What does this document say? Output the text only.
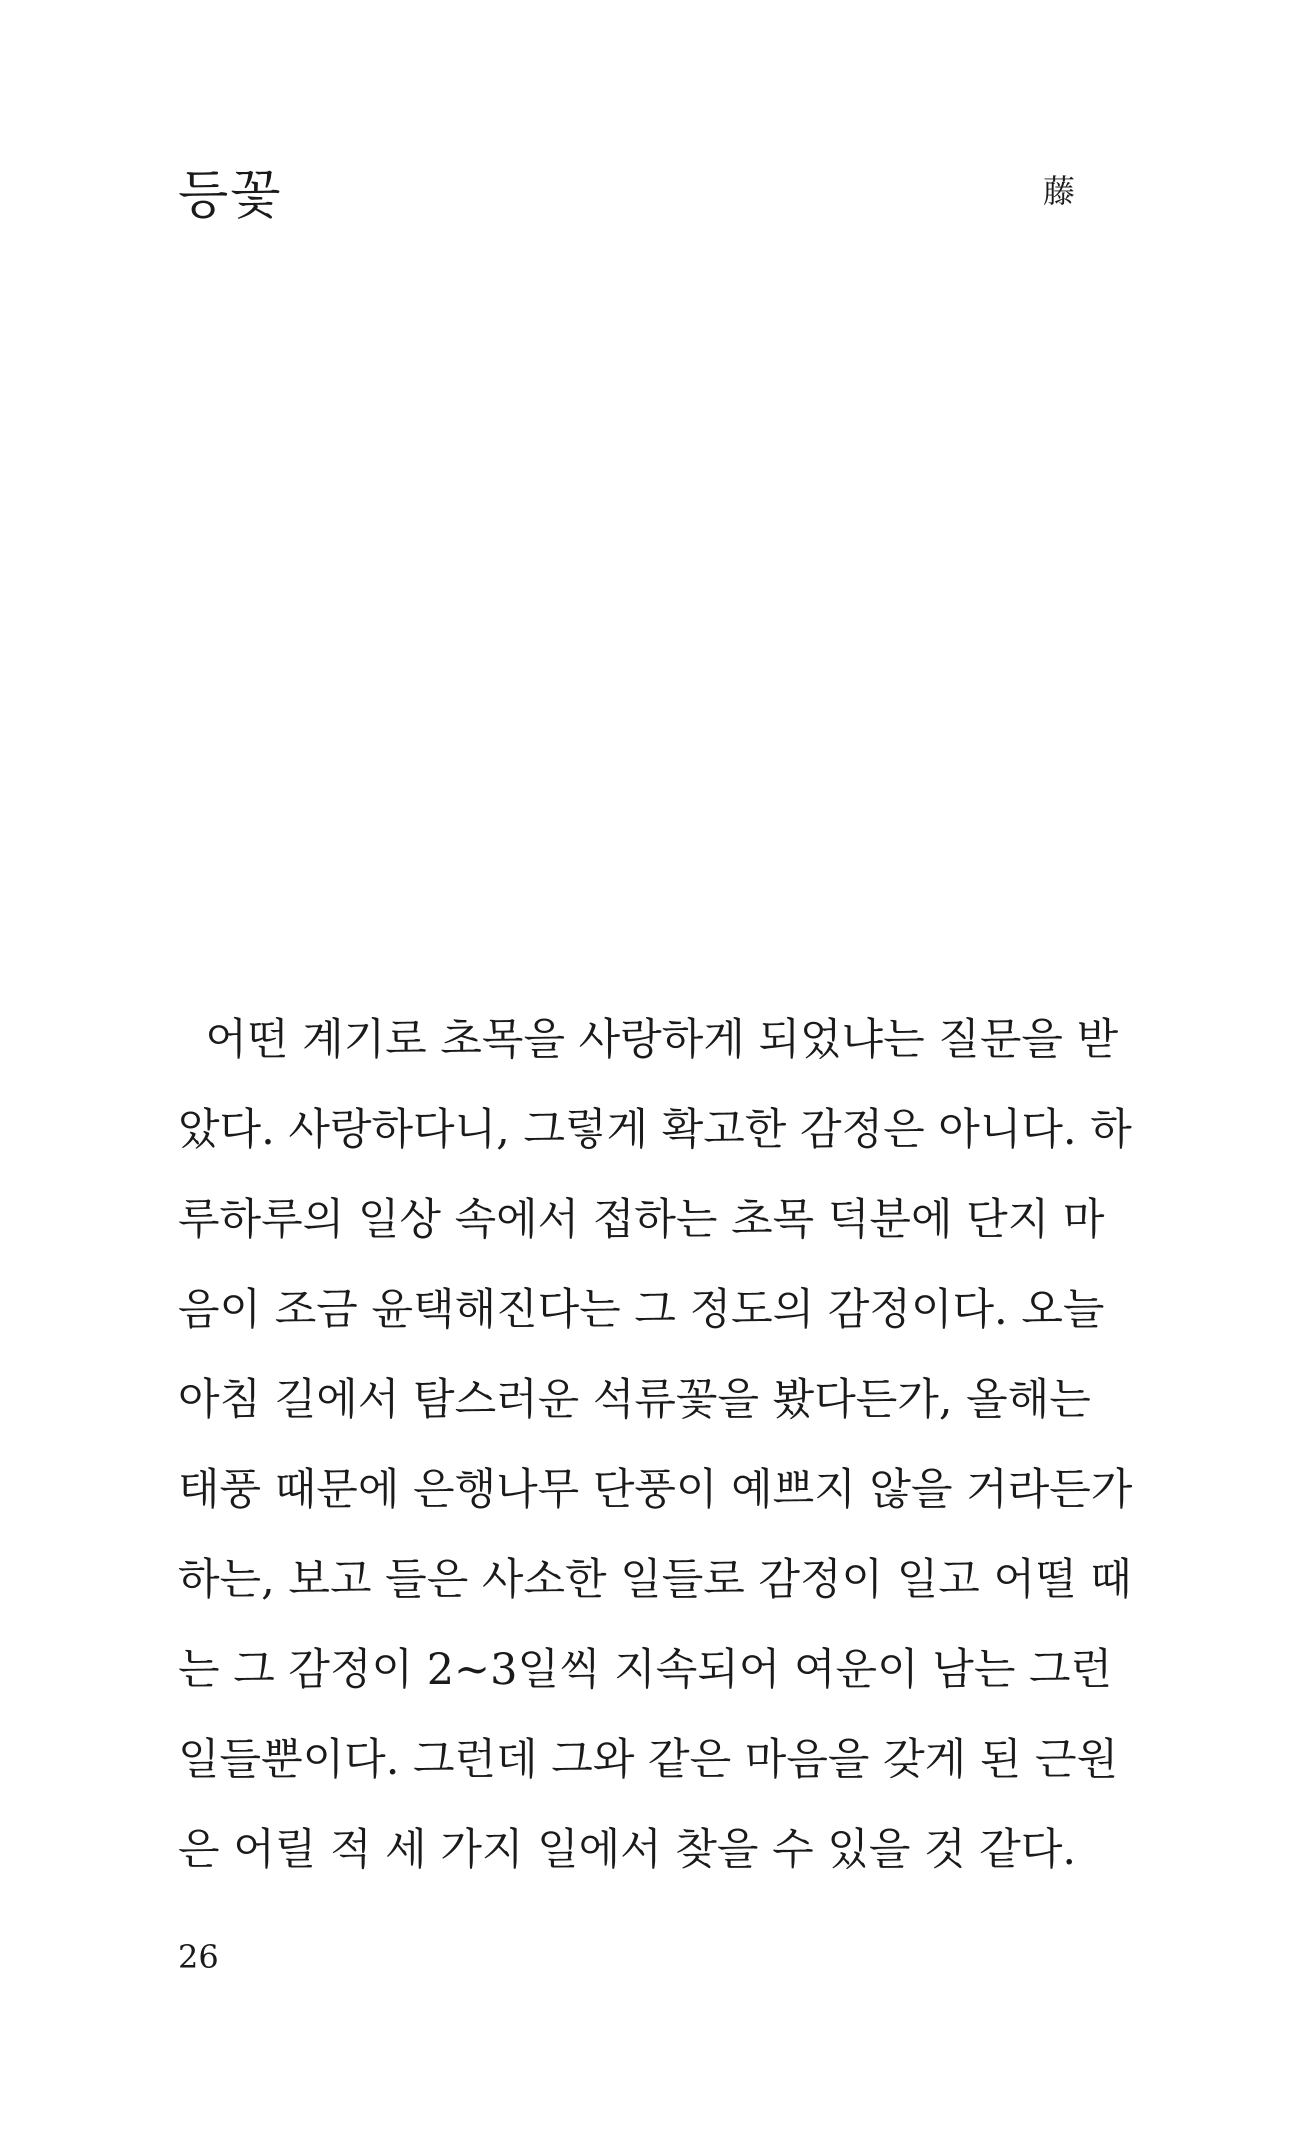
등꽃	藤
어떤 계기로 초목을 사랑하게 되었냐는 질문을 받
았다. 사랑하다니, 그렇게 확고한 감정은 아니다. 하
루하루의 일상 속에서 접하는 초목 덕분에 단지 마
음이 조금 윤택해진다는 그 정도의 감정이다. 오늘
아침 길에서 탐스러운 석류꽃을 봤다든가, 올해는
태풍 때문에 은행나무 단풍이 예쁘지 않을 거라든가
하는, 보고 들은 사소한 일들로 감정이 일고 어떨 때
는 그 감정이 2~3일씩 지속되어 여운이 남는 그런
일들뿐이다. 그런데 그와 같은 마음을 갖게 된 근원
은 어릴 적 세 가지 일에서 찾을 수 있을 것 같다.
26
